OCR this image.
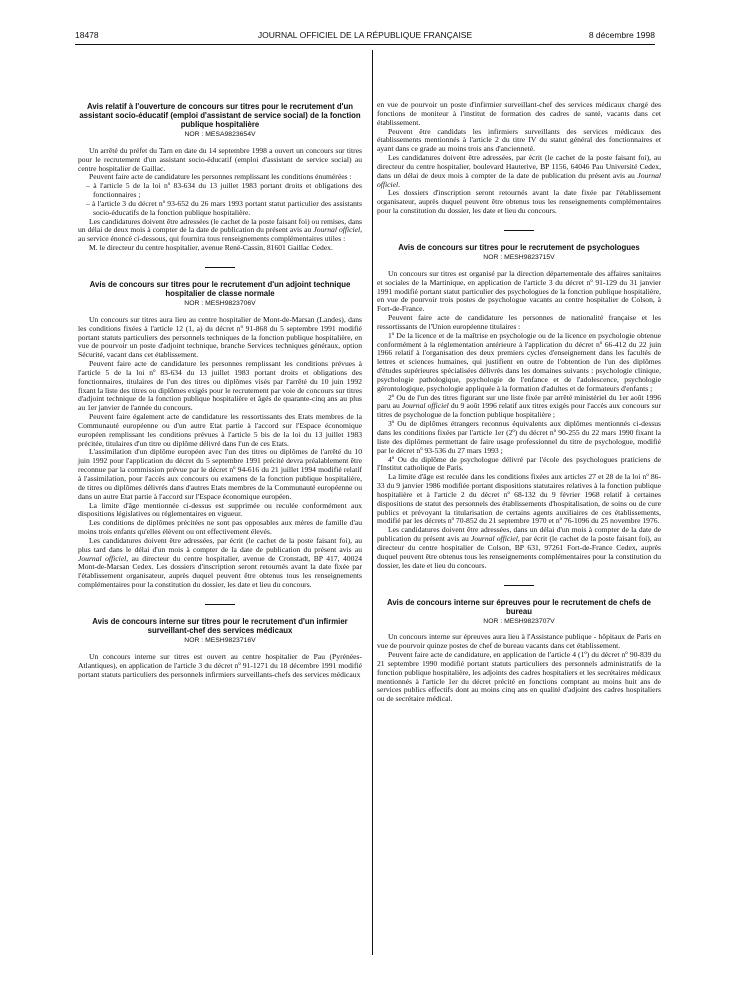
18478	JOURNAL OFFICIEL DE LA RÉPUBLIQUE FRANÇAISE	8 décembre 1998
Avis relatif à l'ouverture de concours sur titres pour le recrutement d'un assistant socio-éducatif (emploi d'assistant de service social) de la fonction publique hospitalière
NOR : MESA9823654V

Un arrêté du préfet du Tarn en date du 14 septembre 1998 a ouvert un concours sur titres pour le recrutement d'un assistant socio-éducatif (emploi d'assistant de service social) au centre hospitalier de Gaillac.

Peuvent faire acte de candidature les personnes remplissant les conditions énumérées :

– à l'article 5 de la loi nº 83-634 du 13 juillet 1983 portant droits et obligations des fonctionnaires ;

– à l'article 3 du décret nº 93-652 du 26 mars 1993 portant statut particulier des assistants socio-éducatifs de la fonction publique hospitalière.

Les candidatures doivent être adressées (le cachet de la poste faisant foi) ou remises, dans un délai de deux mois à compter de la date de publication du présent avis au Journal officiel, au service énoncé ci-dessous, qui fournira tous renseignements complémentaires utiles :

M. le directeur du centre hospitalier, avenue René-Cassin, 81601 Gaillac Cedex.

Avis de concours sur titres pour le recrutement d'un adjoint technique hospitalier de classe normale
NOR : MESH9823706V

Un concours sur titres aura lieu au centre hospitalier de Mont-de-Marsan (Landes), dans les conditions fixées à l'article 12 (1, a) du décret nº 91-868 du 5 septembre 1991 modifié portant statuts particuliers des personnels techniques de la fonction publique hospitalière, en vue de pourvoir un poste d'adjoint technique, branche Services techniques généraux, option Sécurité, vacant dans cet établissement.

Peuvent faire acte de candidature les personnes remplissant les conditions prévues à l'article 5 de la loi nº 83-634 du 13 juillet 1983 portant droits et obligations des fonctionnaires, titulaires de l'un des titres ou diplômes visés par l'arrêté du 10 juin 1992 fixant la liste des titres ou diplômes exigés pour le recrutement par voie de concours sur titres d'adjoint technique de la fonction publique hospitalière et âgés de quarante-cinq ans au plus au 1er janvier de l'année du concours.

Peuvent faire également acte de candidature les ressortissants des Etats membres de la Communauté européenne ou d'un autre Etat partie à l'accord sur l'Espace économique européen remplissant les conditions prévues à l'article 5 bis de la loi du 13 juillet 1983 précitée, titulaires d'un titre ou diplôme délivré dans l'un de ces Etats.

L'assimilation d'un diplôme européen avec l'un des titres ou diplômes de l'arrêté du 10 juin 1992 pour l'application du décret du 5 septembre 1991 précité devra préalablement être reconnue par la commission prévue par le décret nº 94-616 du 21 juillet 1994 modifié relatif à l'assimilation, pour l'accès aux concours ou examens de la fonction publique hospitalière, de titres ou diplômes délivrés dans d'autres Etats membres de la Communauté européenne ou dans un autre Etat partie à l'accord sur l'Espace économique européen.

La limite d'âge mentionnée ci-dessus est supprimée ou reculée conformément aux dispositions législatives ou réglementaires en vigueur.

Les conditions de diplômes précitées ne sont pas opposables aux mères de famille d'au moins trois enfants qu'elles élèvent ou ont effectivement élevés.

Les candidatures doivent être adressées, par écrit (le cachet de la poste faisant foi), au plus tard dans le délai d'un mois à compter de la date de publication du présent avis au Journal officiel, au directeur du centre hospitalier, avenue de Cronstadt, BP 417, 40024 Mont-de-Marsan Cedex. Les dossiers d'inscription seront retournés avant la date fixée par l'établissement organisateur, auprès duquel peuvent être obtenus tous les renseignements complémentaires pour la constitution du dossier, les date et lieu du concours.

Avis de concours interne sur titres pour le recrutement d'un infirmier surveillant-chef des services médicaux
NOR : MESH9823716V

Un concours interne sur titres est ouvert au centre hospitalier de Pau (Pyrénées-Atlantiques), en application de l'article 3 du décret nº 91-1271 du 18 décembre 1991 modifié portant statuts particuliers des personnels infirmiers surveillants-chefs des services médicaux

en vue de pourvoir un poste d'infirmier surveillant-chef des services médicaux chargé des fonctions de moniteur à l'institut de formation des cadres de santé, vacants dans cet établissement.

Peuvent être candidats les infirmiers surveillants des services médicaux des établissements mentionnés à l'article 2 du titre IV du statut général des fonctionnaires et ayant dans ce grade au moins trois ans d'ancienneté.

Les candidatures doivent être adressées, par écrit (le cachet de la poste faisant foi), au directeur du centre hospitalier, boulevard Hauterive, BP 1156, 64046 Pau Université Cedex, dans un délai de deux mois à compter de la date de publication du présent avis au Journal officiel.

Les dossiers d'inscription seront retournés avant la date fixée par l'établissement organisateur, auprès duquel peuvent être obtenus tous les renseignements complémentaires pour la constitution du dossier, les date et lieu du concours.

Avis de concours sur titres pour le recrutement de psychologues
NOR : MESH9823715V

Un concours sur titres est organisé par la direction départementale des affaires sanitaires et sociales de la Martinique, en application de l'article 3 du décret nº 91-129 du 31 janvier 1991 modifié portant statut particulier des psychologues de la fonction publique hospitalière, en vue de pourvoir trois postes de psychologue vacants au centre hospitalier de Colson, à Fort-de-France.

Peuvent faire acte de candidature les personnes de nationalité française et les ressortissants de l'Union européenne titulaires :

1º De la licence et de la maîtrise en psychologie ou de la licence en psychologie obtenue conformément à la réglementation antérieure à l'application du décret nº 66-412 du 22 juin 1966 relatif à l'organisation des deux premiers cycles d'enseignement dans les facultés de lettres et sciences humaines, qui justifient en outre de l'obtention de l'un des diplômes d'études supérieures spécialisées délivrés dans les domaines suivants : psychologie clinique, psychologie pathologique, psychologie de l'enfance et de l'adolescence, psychologie gérontologique, psychologie appliquée à la formation d'adultes et de formateurs d'enfants ;

2º Ou de l'un des titres figurant sur une liste fixée par arrêté ministériel du 1er août 1996 paru au Journal officiel du 9 août 1996 relatif aux titres exigés pour l'accès aux concours sur titres de psychologue de la fonction publique hospitalière ;

3º Ou de diplômes étrangers reconnus équivalents aux diplômes mentionnés ci-dessus dans les conditions fixées par l'article 1er (2º) du décret nº 90-255 du 22 mars 1990 fixant la liste des diplômes permettant de faire usage professionnel du titre de psychologue, modifié par le décret nº 93-536 du 27 mars 1993 ;

4º Ou du diplôme de psychologue délivré par l'école des psychologues praticiens de l'Institut catholique de Paris.

La limite d'âge est reculée dans les conditions fixées aux articles 27 et 28 de la loi nº 86-33 du 9 janvier 1986 modifiée portant dispositions statutaires relatives à la fonction publique hospitalière et à l'article 2 du décret nº 68-132 du 9 février 1968 relatif à certaines dispositions de statut des personnels des établissements d'hospitalisation, de soins ou de cure publics et prévoyant la titularisation de certains agents auxiliaires de ces établissements, modifié par les décrets nº 70-852 du 21 septembre 1970 et nº 76-1096 du 25 novembre 1976.

Les candidatures doivent être adressées, dans un délai d'un mois à compter de la date de publication du présent avis au Journal officiel, par écrit (le cachet de la poste faisant foi), au directeur du centre hospitalier de Colson, BP 631, 97261 Fort-de-France Cedex, auprès duquel peuvent être obtenus tous les renseignements complémentaires pour la constitution du dossier, les date et lieu du concours.

Avis de concours interne sur épreuves pour le recrutement de chefs de bureau
NOR : MESH9823707V

Un concours interne sur épreuves aura lieu à l'Assistance publique - hôpitaux de Paris en vue de pourvoir quinze postes de chef de bureau vacants dans cet établissement.

Peuvent faire acte de candidature, en application de l'article 4 (1º) du décret nº 90-839 du 21 septembre 1990 modifié portant statuts particuliers des personnels administratifs de la fonction publique hospitalière, les adjoints des cadres hospitaliers et les secrétaires médicaux mentionnés à l'article 1er du décret précité en fonctions comptant au moins huit ans de services publics effectifs dont au moins cinq ans en qualité d'adjoint des cadres hospitaliers ou de secrétaire médical.
